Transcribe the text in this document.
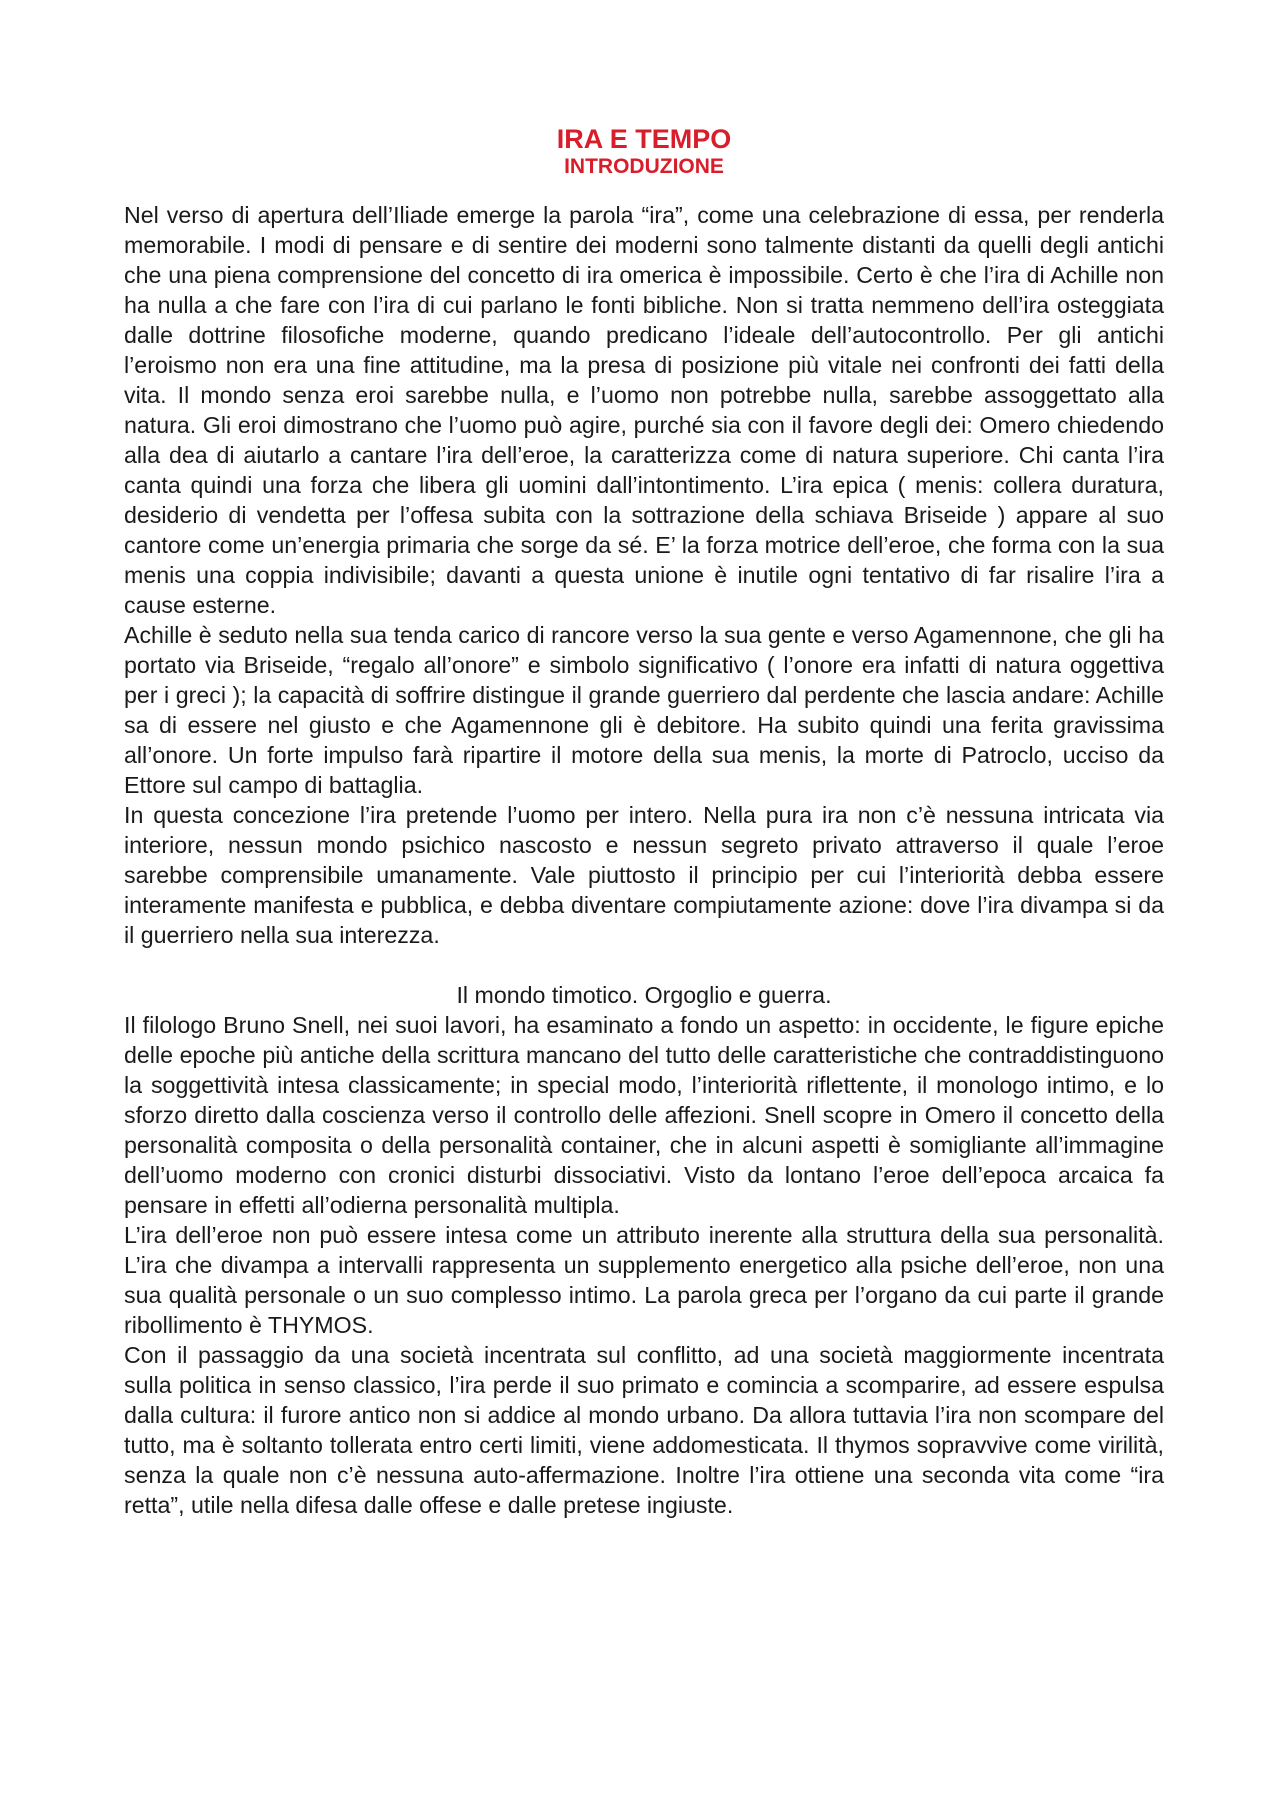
IRA E TEMPO
INTRODUZIONE

Nel verso di apertura dell’Iliade emerge la parola “ira”, come una celebrazione di essa, per renderla memorabile. I modi di pensare e di sentire dei moderni sono talmente distanti da quelli degli antichi che una piena comprensione del concetto di ira omerica è impossibile. Certo è che l’ira di Achille non ha nulla a che fare con l’ira di cui parlano le fonti bibliche. Non si tratta nemmeno dell’ira osteggiata dalle dottrine filosofiche moderne, quando predicano l’ideale dell’autocontrollo. Per gli antichi l’eroismo non era una fine attitudine, ma la presa di posizione più vitale nei confronti dei fatti della vita. Il mondo senza eroi sarebbe nulla, e l’uomo non potrebbe nulla, sarebbe assoggettato alla natura. Gli eroi dimostrano che l’uomo può agire, purché sia con il favore degli dei: Omero chiedendo alla dea di aiutarlo a cantare l’ira dell’eroe, la caratterizza come di natura superiore. Chi canta l’ira canta quindi una forza che libera gli uomini dall’intontimento. L’ira epica ( menis: collera duratura, desiderio di vendetta per l’offesa subita con la sottrazione della schiava Briseide ) appare al suo cantore come un’energia primaria che sorge da sé. E’ la forza motrice dell’eroe, che forma con la sua menis una coppia indivisibile; davanti a questa unione è inutile ogni tentativo di far risalire l’ira a cause esterne.

Achille è seduto nella sua tenda carico di rancore verso la sua gente e verso Agamennone, che gli ha portato via Briseide, “regalo all’onore” e simbolo significativo ( l’onore era infatti di natura oggettiva per i greci ); la capacità di soffrire distingue il grande guerriero dal perdente che lascia andare: Achille sa di essere nel giusto e che Agamennone gli è debitore. Ha subito quindi una ferita gravissima all’onore. Un forte impulso farà ripartire il motore della sua menis, la morte di Patroclo, ucciso da Ettore sul campo di battaglia.

In questa concezione l’ira pretende l’uomo per intero. Nella pura ira non c’è nessuna intricata via interiore, nessun mondo psichico nascosto e nessun segreto privato attraverso il quale l’eroe sarebbe comprensibile umanamente. Vale piuttosto il principio per cui l’interiorità debba essere interamente manifesta e pubblica, e debba diventare compiutamente azione: dove l’ira divampa si da il guerriero nella sua interezza.

Il mondo timotico. Orgoglio e guerra.

Il filologo Bruno Snell, nei suoi lavori, ha esaminato a fondo un aspetto: in occidente, le figure epiche delle epoche più antiche della scrittura mancano del tutto delle caratteristiche che contraddistinguono la soggettività intesa classicamente; in special modo, l’interiorità riflettente, il monologo intimo, e lo sforzo diretto dalla coscienza verso il controllo delle affezioni. Snell scopre in Omero il concetto della personalità composita o della personalità container, che in alcuni aspetti è somigliante all’immagine dell’uomo moderno con cronici disturbi dissociativi. Visto da lontano l’eroe dell’epoca arcaica fa pensare in effetti all’odierna personalità multipla.

L’ira dell’eroe non può essere intesa come un attributo inerente alla struttura della sua personalità. L’ira che divampa a intervalli rappresenta un supplemento energetico alla psiche dell’eroe, non una sua qualità personale o un suo complesso intimo. La parola greca per l’organo da cui parte il grande ribollimento è THYMOS.

Con il passaggio da una società incentrata sul conflitto, ad una società maggiormente incentrata sulla politica in senso classico, l’ira perde il suo primato e comincia a scomparire, ad essere espulsa dalla cultura: il furore antico non si addice al mondo urbano. Da allora tuttavia l’ira non scompare del tutto, ma è soltanto tollerata entro certi limiti, viene addomesticata. Il thymos sopravvive come virilità, senza la quale non c’è nessuna auto-affermazione. Inoltre l’ira ottiene una seconda vita come “ira retta”, utile nella difesa dalle offese e dalle pretese ingiuste.
